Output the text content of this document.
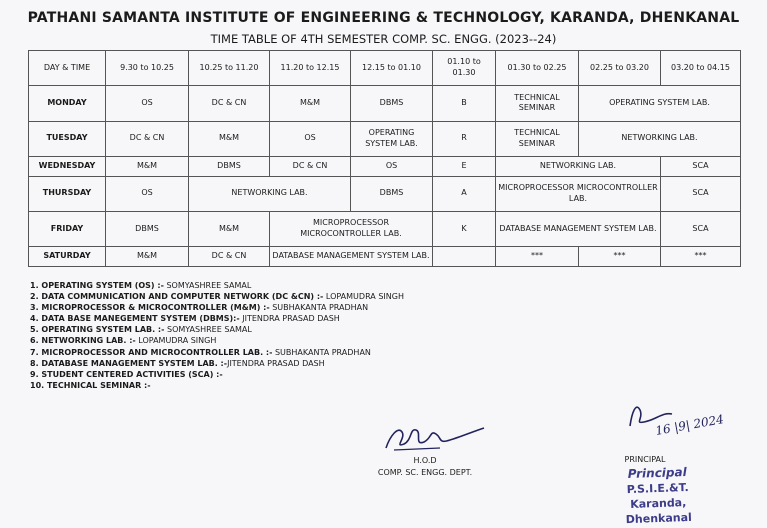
PATHANI SAMANTA INSTITUTE OF ENGINEERING & TECHNOLOGY, KARANDA, DHENKANAL
TIME TABLE OF 4TH SEMESTER COMP. SC. ENGG. (2023--24)
DAY & TIME	9.30 to 10.25	10.25 to 11.20	11.20 to 12.15	12.15 to 01.10	01.10 to 01.30	01.30 to 02.25	02.25 to 03.20	03.20 to 04.15
MONDAY	OS	DC & CN	M&M	DBMS	B	TECHNICAL SEMINAR	OPERATING SYSTEM LAB.	
TUESDAY	DC & CN	M&M	OS	OPERATING SYSTEM LAB.	R	TECHNICAL SEMINAR	NETWORKING LAB.	
WEDNESDAY	M&M	DBMS	DC & CN	OS	E	NETWORKING LAB.		SCA
THURSDAY	OS	NETWORKING LAB.		DBMS	A	MICROPROCESSOR MICROCONTROLLER LAB.		SCA
FRIDAY	DBMS	M&M	MICROPROCESSOR MICROCONTROLLER LAB.		K	DATABASE MANAGEMENT SYSTEM LAB.		SCA
SATURDAY	M&M	DC & CN	DATABASE MANAGEMENT SYSTEM LAB.			***	***	***
1. OPERATING SYSTEM (OS) :- SOMYASHREE SAMAL
2. DATA COMMUNICATION AND COMPUTER NETWORK (DC &CN) :- LOPAMUDRA SINGH
3. MICROPROCESSOR & MICROCONTROLLER (M&M) :- SUBHAKANTA PRADHAN
4. DATA BASE MANEGEMENT SYSTEM (DBMS):- JITENDRA PRASAD DASH
5. OPERATING SYSTEM LAB. :- SOMYASHREE SAMAL
6. NETWORKING LAB. :- LOPAMUDRA SINGH
7. MICROPROCESSOR AND MICROCONTROLLER LAB. :- SUBHAKANTA PRADHAN
8. DATABASE MANAGEMENT SYSTEM LAB. :-JITENDRA PRASAD DASH
9. STUDENT CENTERED ACTIVITIES (SCA) :-
10. TECHNICAL SEMINAR :-
H.O.D
COMP. SC. ENGG. DEPT.
16 |9| 2024
PRINCIPAL
Principal
P.S.I.E.&T.
Karanda, Dhenkanal
